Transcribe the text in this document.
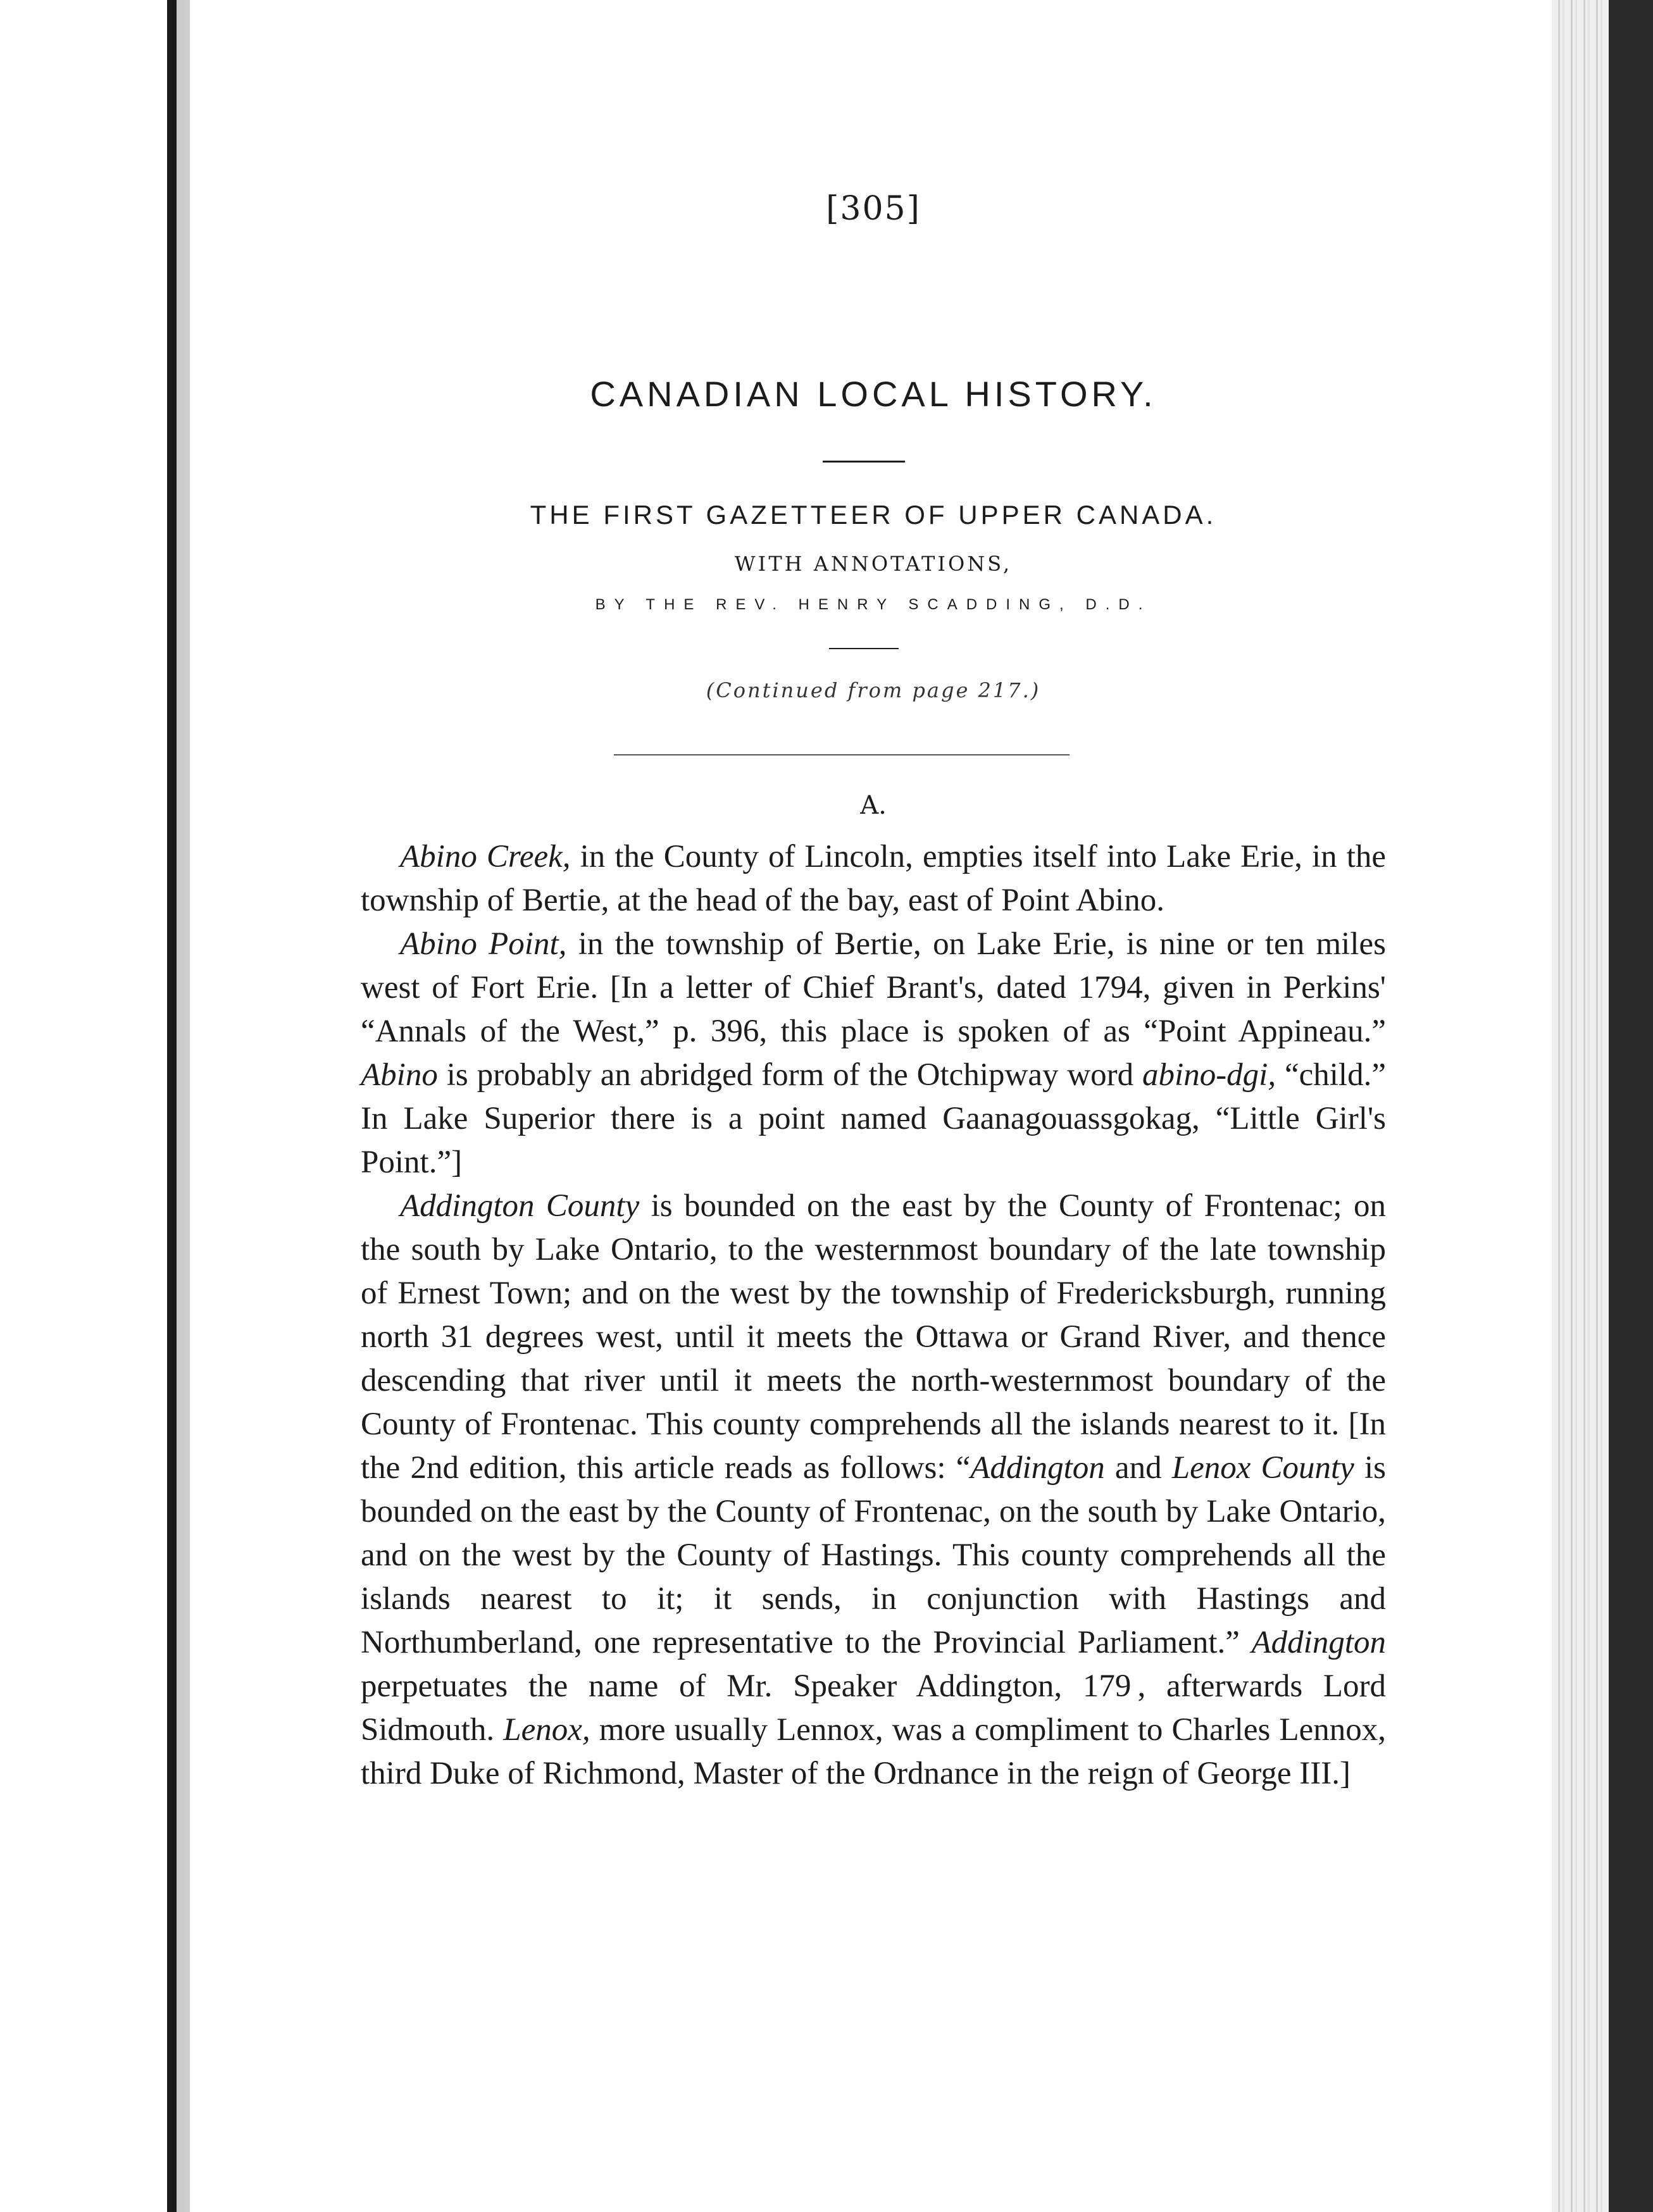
[305]
CANADIAN LOCAL HISTORY.
THE FIRST GAZETTEER OF UPPER CANADA.
WITH ANNOTATIONS,
BY THE REV. HENRY SCADDING, D.D.
(Continued from page 217.)
A.

Abino Creek, in the County of Lincoln, empties itself into Lake Erie, in the township of Bertie, at the head of the bay, east of Point Abino.

Abino Point, in the township of Bertie, on Lake Erie, is nine or ten miles west of Fort Erie. [In a letter of Chief Brant's, dated 1794, given in Perkins' “Annals of the West,” p. 396, this place is spoken of as “Point Appineau.” Abino is probably an abridged form of the Otchipway word abino-dgi, “child.” In Lake Superior there is a point named Gaanagouassgokag, “Little Girl's Point.”]

Addington County is bounded on the east by the County of Frontenac; on the south by Lake Ontario, to the westernmost boundary of the late township of Ernest Town; and on the west by the township of Fredericksburgh, running north 31 degrees west, until it meets the Ottawa or Grand River, and thence descending that river until it meets the north-westernmost boundary of the County of Frontenac. This county comprehends all the islands nearest to it. [In the 2nd edition, this article reads as follows: “Addington and Lenox County is bounded on the east by the County of Frontenac, on the south by Lake Ontario, and on the west by the County of Hastings. This county comprehends all the islands nearest to it; it sends, in conjunction with Hastings and Northumberland, one representative to the Provincial Parliament.” Addington perpetuates the name of Mr. Speaker Addington, 179 , afterwards Lord Sidmouth. Lenox, more usually Lennox, was a compliment to Charles Lennox, third Duke of Richmond, Master of the Ordnance in the reign of George III.]
